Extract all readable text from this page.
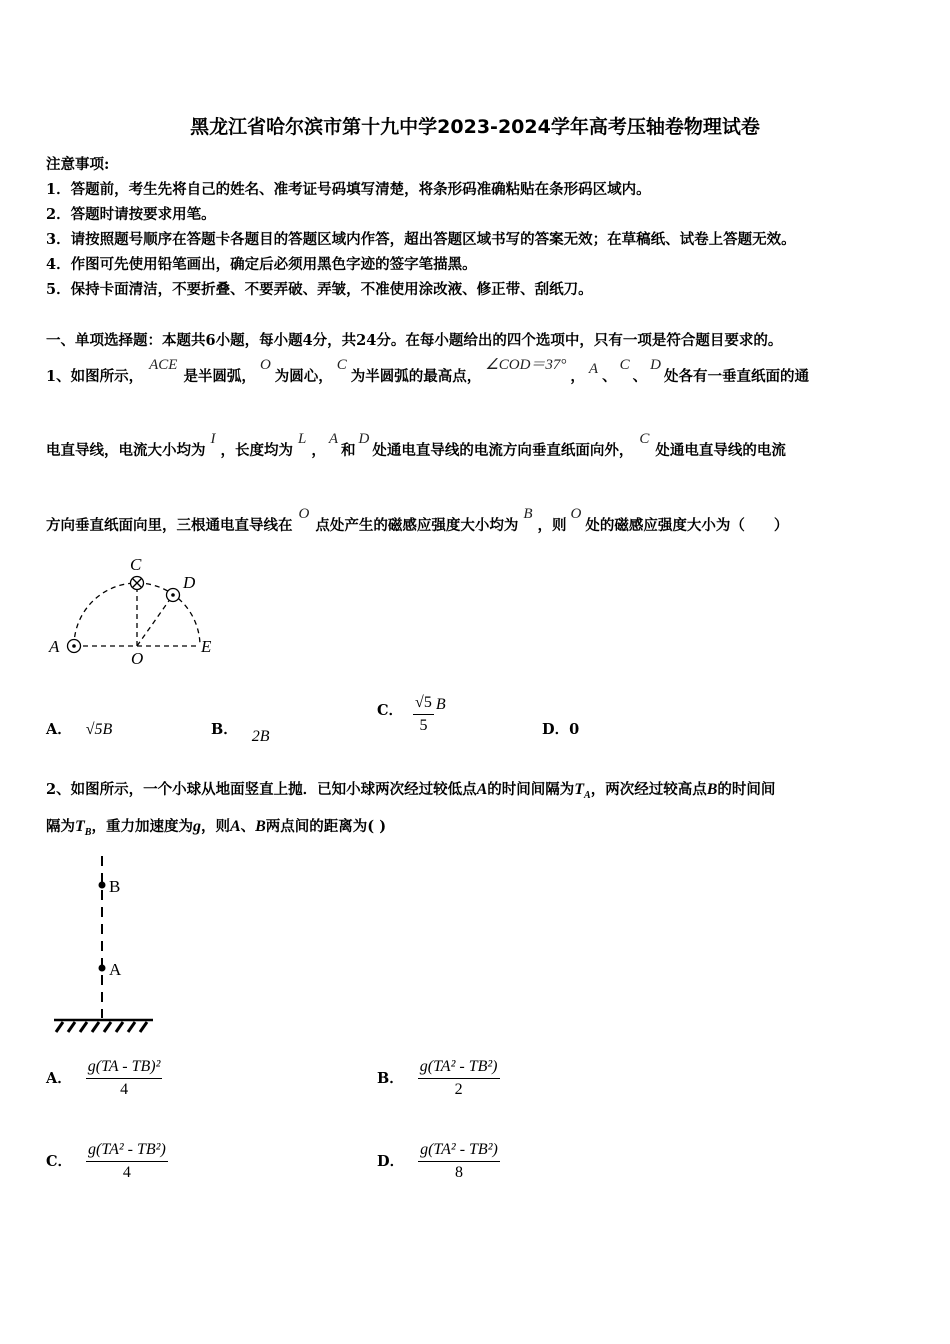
黑龙江省哈尔滨市第十九中学2023-2024学年高考压轴卷物理试卷
注意事项:
1．答题前，考生先将自己的姓名、准考证号码填写清楚，将条形码准确粘贴在条形码区域内。
2．答题时请按要求用笔。
3．请按照题号顺序在答题卡各题目的答题区域内作答，超出答题区域书写的答案无效；在草稿纸、试卷上答题无效。
4．作图可先使用铅笔画出，确定后必须用黑色字迹的签字笔描黑。
5．保持卡面清洁，不要折叠、不要弄破、弄皱，不准使用涂改液、修正带、刮纸刀。
一、单项选择题：本题共6小题，每小题4分，共24分。在每小题给出的四个选项中，只有一项是符合题目要求的。
1、如图所示，ACE是半圆弧，O为圆心，C为半圆弧的最高点，∠COD＝37°， A 、C、D处各有一垂直纸面的通
电直导线，电流大小均为I，长度均为L，A和D处通电直导线的电流方向垂直纸面向外，C处通电直导线的电流
方向垂直纸面向里，三根通电直导线在O点处产生的磁感应强度大小均为B，则O处的磁感应强度大小为（　　）
A
C
D
O
E
A． √5B	B． 2B
C． $\frac{√5}{5}$ B
D．0
2、如图所示，一个小球从地面竖直上抛．已知小球两次经过较低点A的时间间隔为$T_A$，两次经过较高点B的时间间
隔为$T_B$，重力加速度为g，则A、B两点间的距离为( )
B
A
A． $\frac{\text{g(TA - TB)²}}{4}$	B． $\frac{\text{g(TA² - TB²)}}{2}$
C． $\frac{\text{g(TA² - TB²)}}{4}$	D． $\frac{\text{g(TA² - TB²)}}{8}$
